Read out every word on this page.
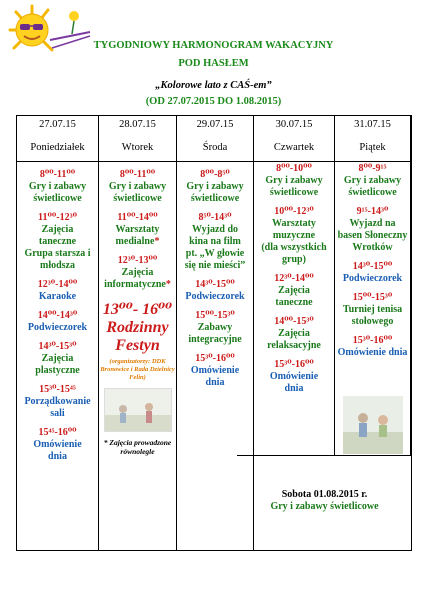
TYGODNIOWY HARMONOGRAM WAKACYJNY
POD HASŁEM
„Kolorowe lato z CAŚ-em”
(OD 27.07.2015 DO 1.08.2015)
27.07.15
Poniedziałek
8⁰⁰-11⁰⁰
Gry i zabawy
świetlicowe
11⁰⁰-12³⁰
Zajęcia
taneczne
Grupa starsza i
młodsza
12³⁰-14⁰⁰
Karaoke
14⁰⁰-14³⁰
Podwieczorek
14³⁰-15³⁰
Zajęcia
plastyczne
15³⁰-15⁴⁵
Porządkowanie
sali
15⁴⁵-16⁰⁰
Omówienie
dnia
28.07.15
Wtorek
8⁰⁰-11⁰⁰
Gry i zabawy
świetlicowe
11⁰⁰-14⁰⁰
Warsztaty
medialne*
12³⁰-13⁰⁰
Zajęcia
informatyczne*
13⁰⁰- 16⁰⁰
Rodzinny
Festyn
(organizatorzy: DDK Bronowice i Rada Dzielnicy Felin)
* Zajęcia prowadzone równolegle
29.07.15
Środa
8⁰⁰-8⁵⁰
Gry i zabawy
świetlicowe
8⁵⁰-14³⁰
Wyjazd do
kina na film
pt. „W głowie
się nie mieści”
14³⁰-15⁰⁰
Podwieczorek
15⁰⁰-15³⁰
Zabawy
integracyjne
15³⁰-16⁰⁰
Omówienie
dnia
30.07.15
Czwartek
8⁰⁰-10⁰⁰
Gry i zabawy
świetlicowe
10⁰⁰-12³⁰
Warsztaty
muzyczne
(dla wszystkich
grup)
12³⁰-14⁰⁰
Zajęcia
taneczne
14⁰⁰-15³⁰
Zajęcia
relaksacyjne
15³⁰-16⁰⁰
Omówienie
dnia
31.07.15
Piątek
8⁰⁰-9¹⁵
Gry i zabawy
świetlicowe
9¹⁵-14³⁰
Wyjazd na
basen Słoneczny
Wrotków
14³⁰-15⁰⁰
Podwieczorek
15⁰⁰-15³⁰
Turniej tenisa
stołowego
15³⁰-16⁰⁰
Omówienie dnia
Sobota 01.08.2015 r.
Gry i zabawy świetlicowe
